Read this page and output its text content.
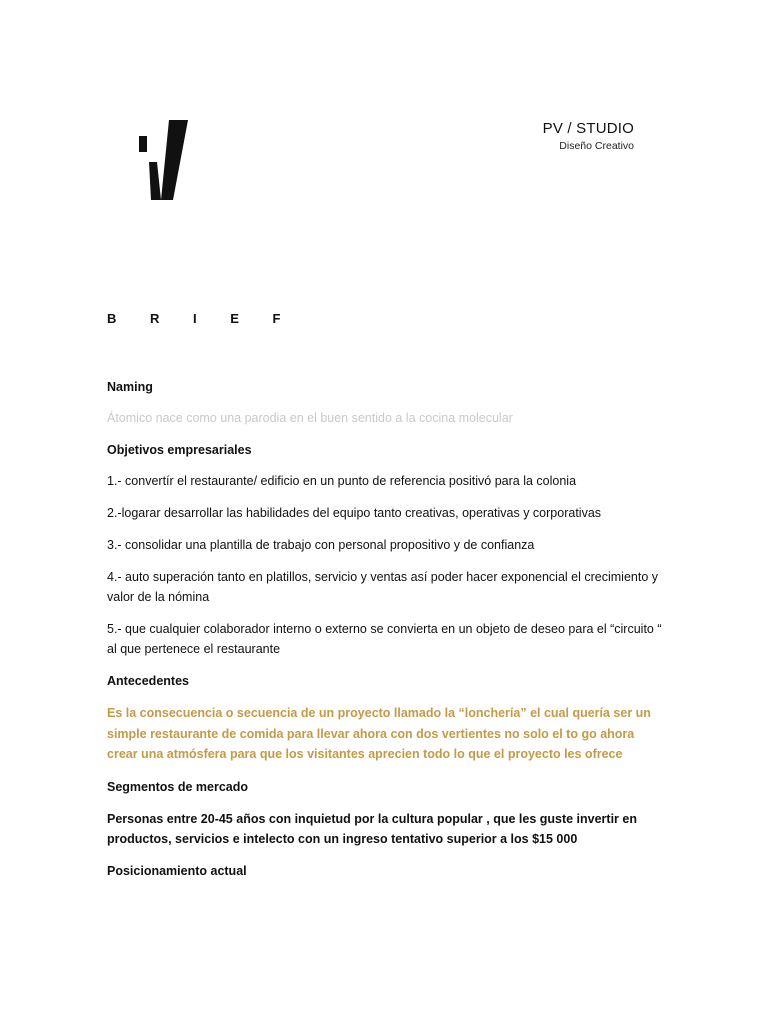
PV / STUDIO
Diseño Creativo
B R I E F

Naming

Átomico nace como una parodia en el buen sentido a la cocina molecular

Objetivos empresariales

1.- convertír el restaurante/ edificio en un punto de referencia positivó para la colonia

2.-logarar desarrollar las habilidades del equipo tanto creativas, operativas y corporativas

3.- consolidar una plantilla de trabajo con personal propositivo y de confianza

4.- auto superación tanto en platillos, servicio y ventas así poder hacer exponencial el crecimiento y valor de la nómina

5.- que cualquier colaborador interno o externo se convierta en un objeto de deseo para el “circuito “ al que pertenece el restaurante

Antecedentes

Es la consecuencia o secuencia de un proyecto llamado la “lonchería” el cual quería ser un simple restaurante de comida para llevar ahora con dos vertientes no solo el to go ahora crear una atmósfera para que los visitantes aprecien todo lo que el proyecto les ofrece

Segmentos de mercado

Personas entre 20-45 años con inquietud por la cultura popular , que les guste invertir en productos, servicios e intelecto con un ingreso tentativo superior a los $15 000

Posicionamiento actual
